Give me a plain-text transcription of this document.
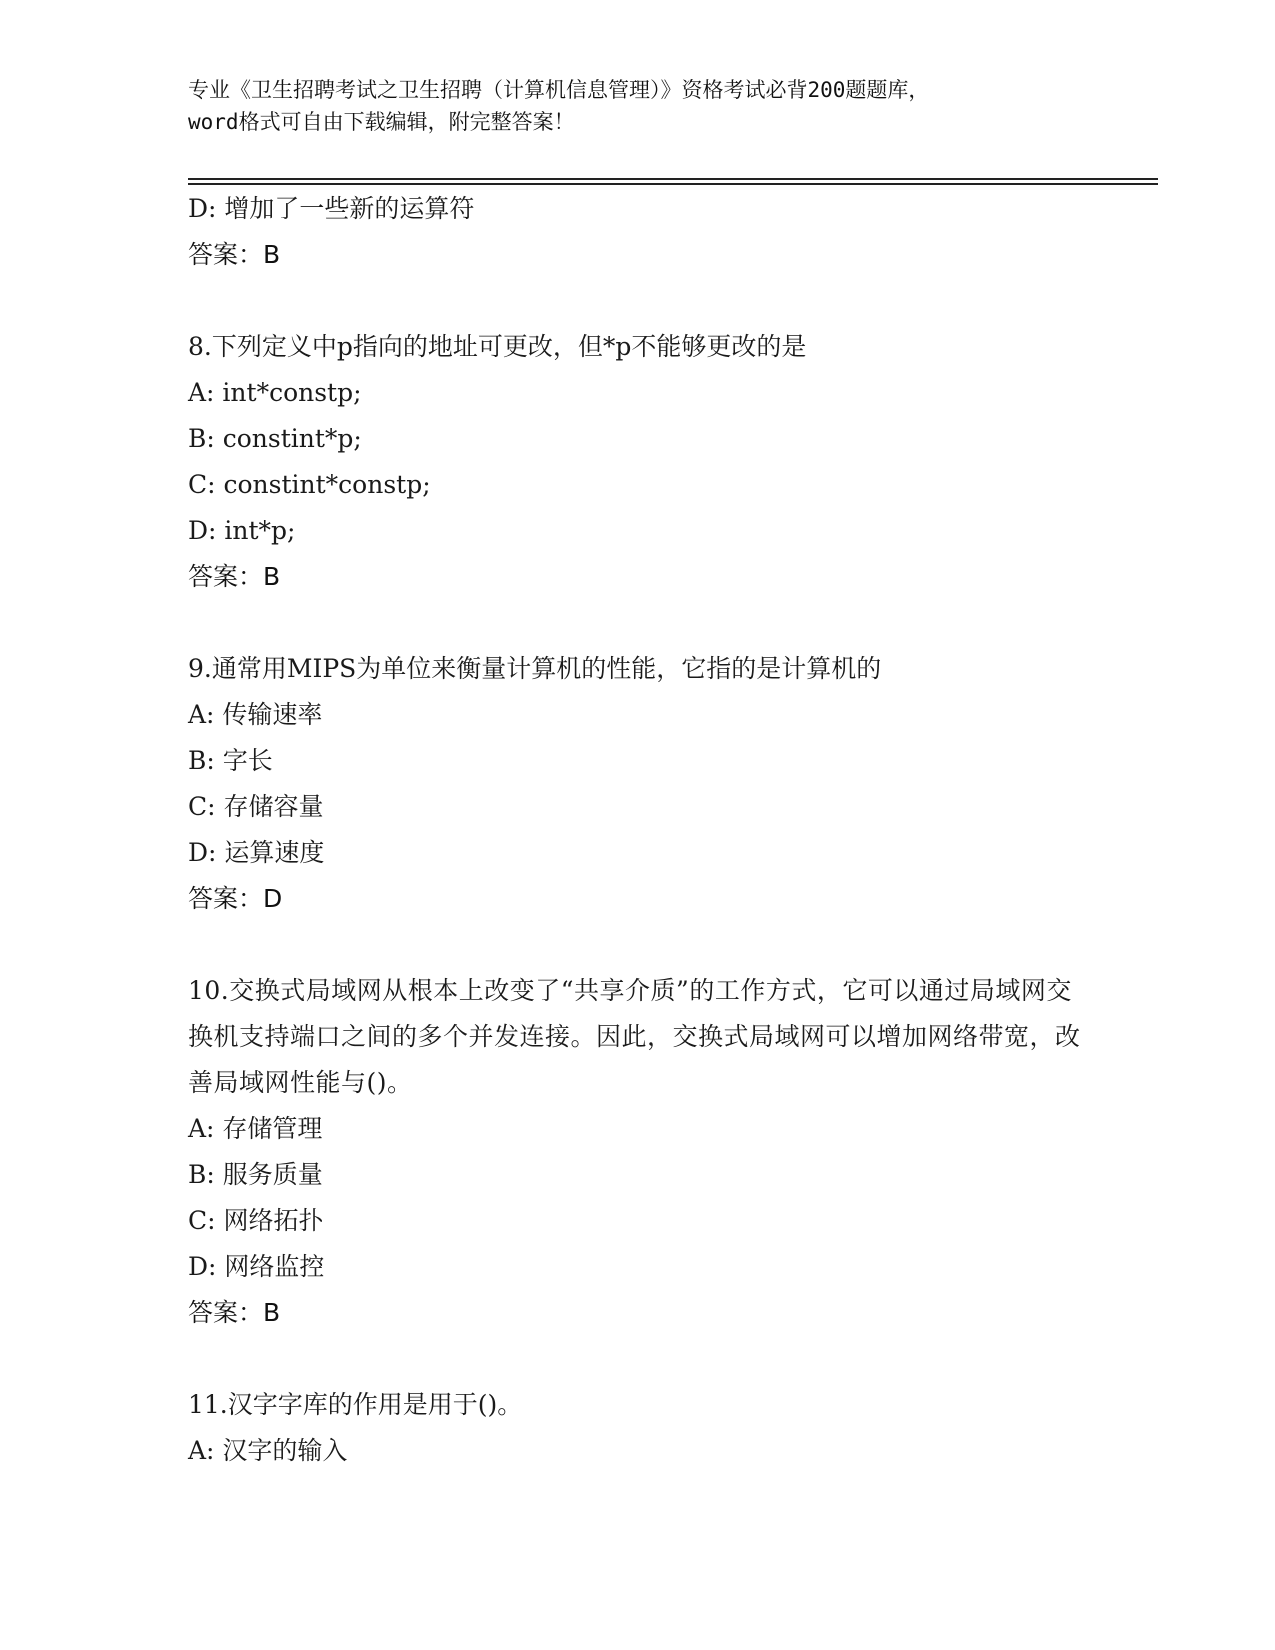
专业《卫生招聘考试之卫生招聘（计算机信息管理）》资格考试必背200题题库，
word格式可自由下载编辑，附完整答案！
D: 增加了一些新的运算符
答案：B
8.下列定义中p指向的地址可更改，但*p不能够更改的是
A: int*constp;
B: constint*p;
C: constint*constp;
D: int*p;
答案：B
9.通常用MIPS为单位来衡量计算机的性能，它指的是计算机的
A: 传输速率
B: 字长
C: 存储容量
D: 运算速度
答案：D
10.交换式局域网从根本上改变了“共享介质”的工作方式，它可以通过局域网交换机支持端口之间的多个并发连接。因此，交换式局域网可以增加网络带宽，改善局域网性能与()。
A: 存储管理
B: 服务质量
C: 网络拓扑
D: 网络监控
答案：B
11.汉字字库的作用是用于()。
A: 汉字的输入
